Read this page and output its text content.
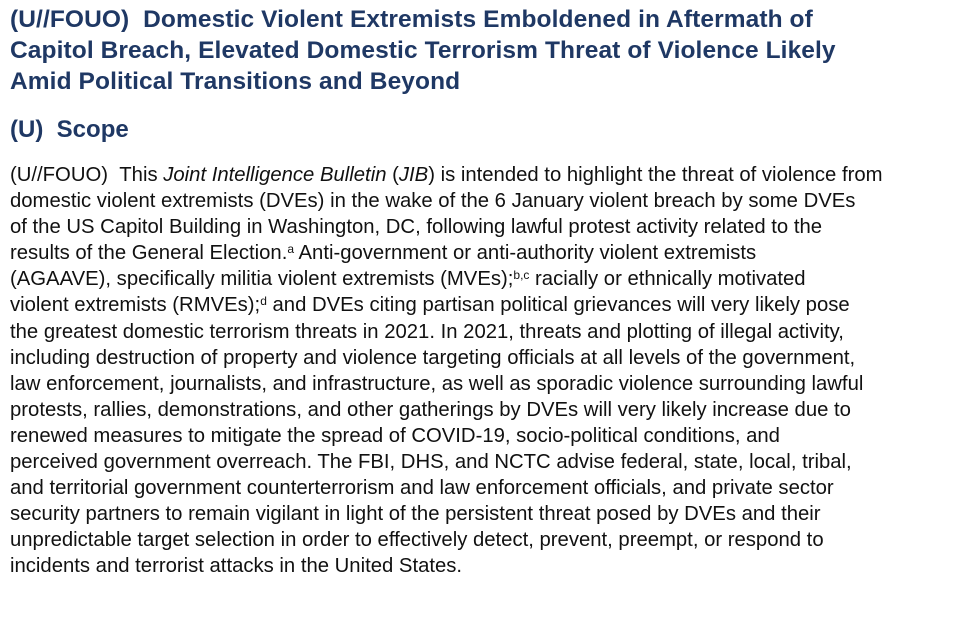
(U//FOUO) Domestic Violent Extremists Emboldened in Aftermath of
Capitol Breach, Elevated Domestic Terrorism Threat of Violence Likely
Amid Political Transitions and Beyond
(U) Scope

(U//FOUO) This Joint Intelligence Bulletin (JIB) is intended to highlight the threat of violence from
domestic violent extremists (DVEs) in the wake of the 6 January violent breach by some DVEs
of the US Capitol Building in Washington, DC, following lawful protest activity related to the
results of the General Election.$^a$ Anti-government or anti-authority violent extremists
(AGAAVE), specifically militia violent extremists (MVEs);$^{b,c}$ racially or ethnically motivated
violent extremists (RMVEs);$^d$ and DVEs citing partisan political grievances will very likely pose
the greatest domestic terrorism threats in 2021. In 2021, threats and plotting of illegal activity,
including destruction of property and violence targeting officials at all levels of the government,
law enforcement, journalists, and infrastructure, as well as sporadic violence surrounding lawful
protests, rallies, demonstrations, and other gatherings by DVEs will very likely increase due to
renewed measures to mitigate the spread of COVID-19, socio-political conditions, and
perceived government overreach. The FBI, DHS, and NCTC advise federal, state, local, tribal,
and territorial government counterterrorism and law enforcement officials, and private sector
security partners to remain vigilant in light of the persistent threat posed by DVEs and their
unpredictable target selection in order to effectively detect, prevent, preempt, or respond to
incidents and terrorist attacks in the United States.
